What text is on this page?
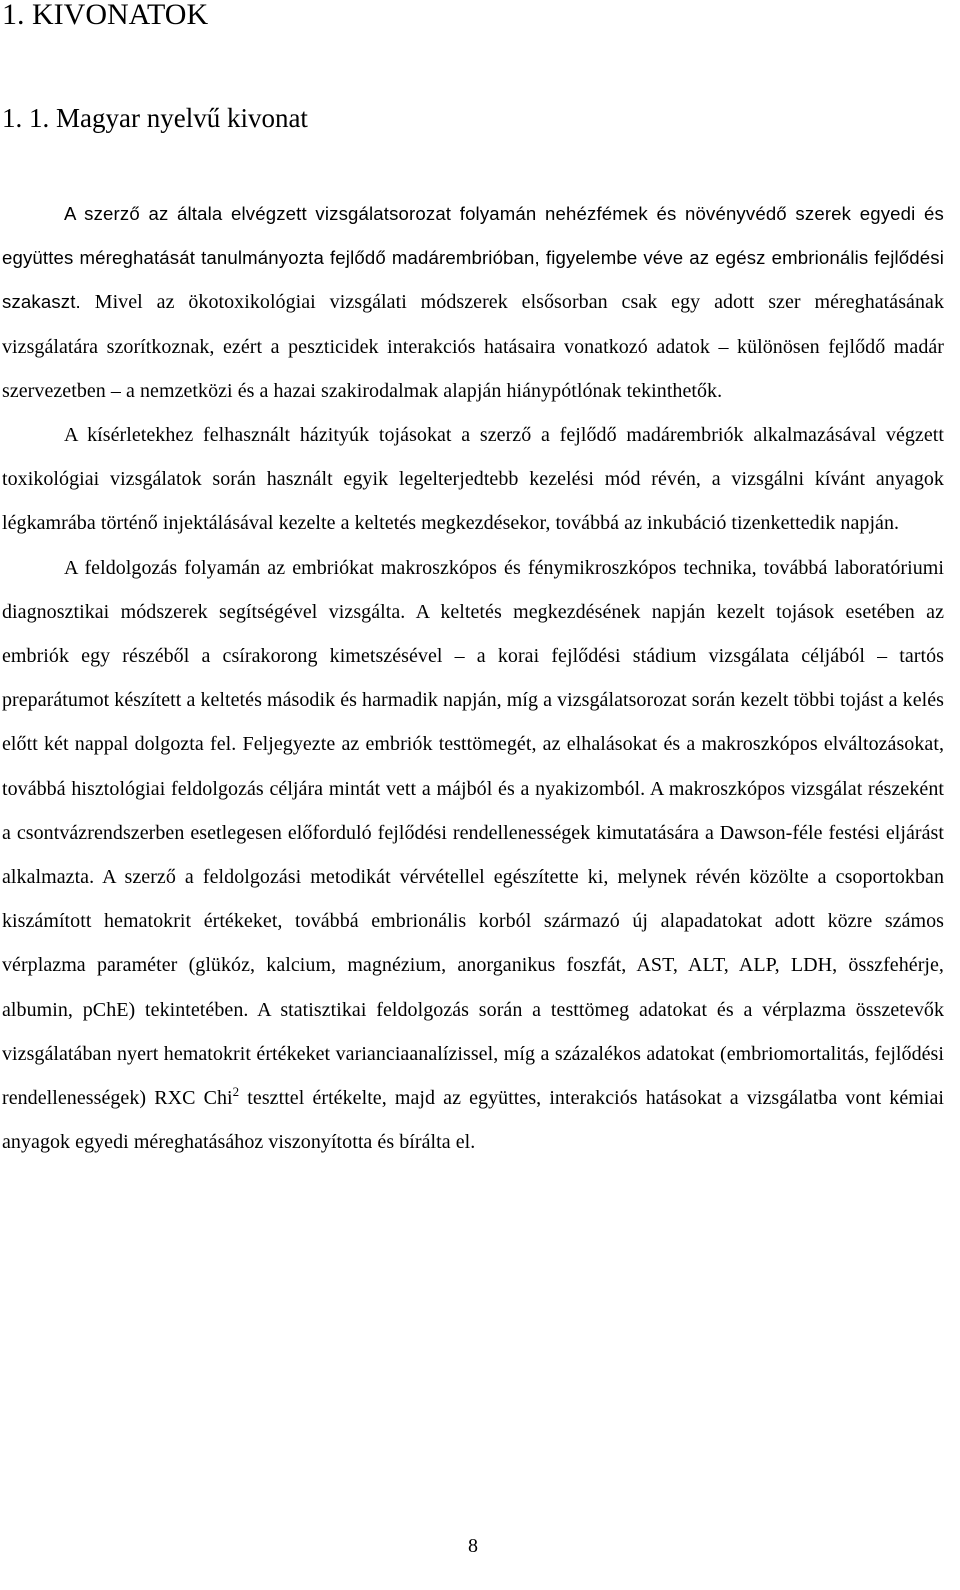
1. KIVONATOK
1. 1. Magyar nyelvű kivonat

A szerző az általa elvégzett vizsgálatsorozat folyamán nehézfémek és növényvédő szerek egyedi és együttes méreghatását tanulmányozta fejlődő madárembrióban, figyelembe véve az egész embrionális fejlődési szakaszt. Mivel az ökotoxikológiai vizsgálati módszerek elsősorban csak egy adott szer méreghatásának vizsgálatára szorítkoznak, ezért a peszticidek interakciós hatásaira vonatkozó adatok – különösen fejlődő madár szervezetben – a nemzetközi és a hazai szakirodalmak alapján hiánypótlónak tekinthetők.

A kísérletekhez felhasznált házityúk tojásokat a szerző a fejlődő madárembriók alkalmazásával végzett toxikológiai vizsgálatok során használt egyik legelterjedtebb kezelési mód révén, a vizsgálni kívánt anyagok légkamrába történő injektálásával kezelte a keltetés megkezdésekor, továbbá az inkubáció tizenkettedik napján.

A feldolgozás folyamán az embriókat makroszkópos és fénymikroszkópos technika, továbbá laboratóriumi diagnosztikai módszerek segítségével vizsgálta. A keltetés megkezdésének napján kezelt tojások esetében az embriók egy részéből a csírakorong kimetszésével – a korai fejlődési stádium vizsgálata céljából – tartós preparátumot készített a keltetés második és harmadik napján, míg a vizsgálatsorozat során kezelt többi tojást a kelés előtt két nappal dolgozta fel. Feljegyezte az embriók testtömegét, az elhalásokat és a makroszkópos elváltozásokat, továbbá hisztológiai feldolgozás céljára mintát vett a májból és a nyakizomból. A makroszkópos vizsgálat részeként a csontvázrendszerben esetlegesen előforduló fejlődési rendellenességek kimutatására a Dawson-féle festési eljárást alkalmazta. A szerző a feldolgozási metodikát vérvétellel egészítette ki, melynek révén közölte a csoportokban kiszámított hematokrit értékeket, továbbá embrionális korból származó új alapadatokat adott közre számos vérplazma paraméter (glükóz, kalcium, magnézium, anorganikus foszfát, AST, ALT, ALP, LDH, összfehérje, albumin, pChE) tekintetében. A statisztikai feldolgozás során a testtömeg adatokat és a vérplazma összetevők vizsgálatában nyert hematokrit értékeket varianciaanalízissel, míg a százalékos adatokat (embriomortalitás, fejlődési rendellenességek) RXC Chi$^2$ teszttel értékelte, majd az együttes, interakciós hatásokat a vizsgálatba vont kémiai anyagok egyedi méreghatásához viszonyította és bírálta el.

8
